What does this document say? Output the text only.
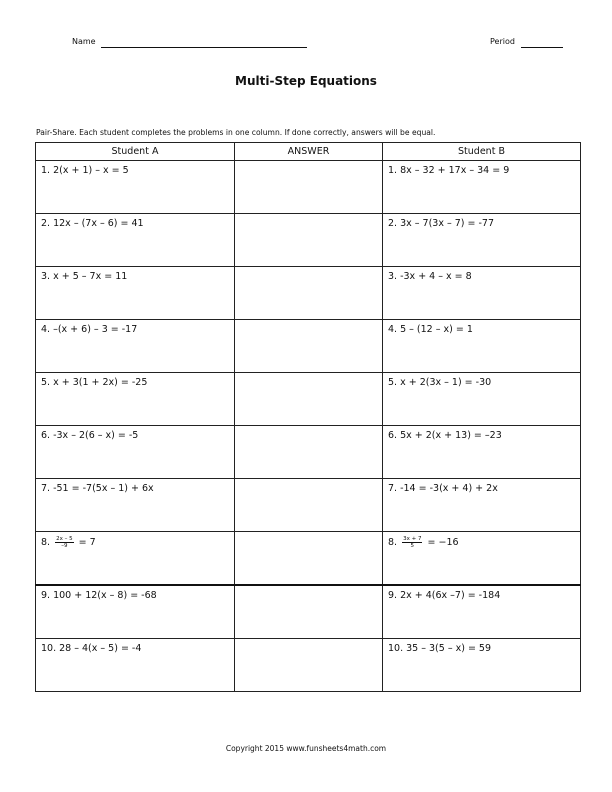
Name	Period
Multi-Step Equations
Pair-Share. Each student completes the problems in one column. If done correctly, answers will be equal.
Student A	ANSWER	Student B

1. 2(x + 1) – x = 5		1. 8x – 32 + 17x – 34 = 9

2. 12x – (7x – 6) = 41		2. 3x – 7(3x – 7) = -77

3. x + 5 – 7x = 11		3. -3x + 4 – x = 8

4. –(x + 6) – 3 = -17		4. 5 – (12 – x) = 1

5. x + 3(1 + 2x) = -25		5. x + 2(3x – 1) = -30

6. -3x – 2(6 – x) = -5		6. 5x + 2(x + 13) = –23

7. -51 = -7(5x – 1) + 6x		7. -14 = -3(x + 4) + 2x

8. $\frac{2x - 5}{-9} = 7$		8. $\frac{3x + 7}{5} = -16$

9. 100 + 12(x – 8) = -68		9. 2x + 4(6x –7) = -184

10. 28 – 4(x – 5) = -4		10. 35 – 3(5 – x) = 59
Copyright 2015 www.funsheets4math.com
